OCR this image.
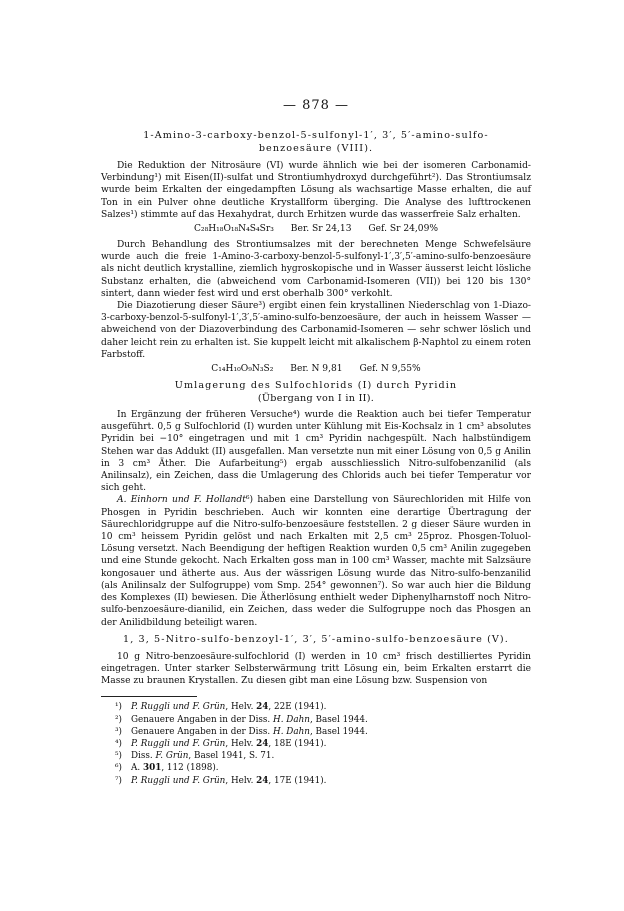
— 878 —
1-Amino-3-carboxy-benzol-5-sulfonyl-1′, 3′, 5′-amino-sulfo-
benzoesäure (VIII).

Die Reduktion der Nitrosäure (VI) wurde ähnlich wie bei der isomeren Carbonamid-Verbindung¹) mit Eisen(II)-sulfat und Strontiumhydroxyd durchgeführt²). Das Strontiumsalz wurde beim Erkalten der eingedampften Lösung als wachsartige Masse erhalten, die auf Ton in ein Pulver ohne deutliche Krystallform überging. Die Analyse des lufttrockenen Salzes¹) stimmte auf das Hexahydrat, durch Erhitzen wurde das wasserfreie Salz erhalten.

C₂₈H₁₈O₁₈N₄S₄Sr₃ Ber. Sr 24,13 Gef. Sr 24,09%

Durch Behandlung des Strontiumsalzes mit der berechneten Menge Schwefelsäure wurde auch die freie 1-Amino-3-carboxy-benzol-5-sulfonyl-1′,3′,5′-amino-sulfo-benzoesäure als nicht deutlich krystalline, ziemlich hygroskopische und in Wasser äusserst leicht lösliche Substanz erhalten, die (abweichend vom Carbonamid-Isomeren (VII)) bei 120 bis 130° sintert, dann wieder fest wird und erst oberhalb 300° verkohlt.

Die Diazotierung dieser Säure³) ergibt einen fein krystallinen Niederschlag von 1-Diazo-3-carboxy-benzol-5-sulfonyl-1′,3′,5′-amino-sulfo-benzoesäure, der auch in heissem Wasser — abweichend von der Diazoverbindung des Carbonamid-Isomeren — sehr schwer löslich und daher leicht rein zu erhalten ist. Sie kuppelt leicht mit alkalischem β-Naphtol zu einem roten Farbstoff.

C₁₄H₁₀O₉N₃S₂ Ber. N 9,81 Gef. N 9,55%
Umlagerung des Sulfochlorids (I) durch Pyridin
(Übergang von I in II).

In Ergänzung der früheren Versuche⁴) wurde die Reaktion auch bei tiefer Temperatur ausgeführt. 0,5 g Sulfochlorid (I) wurden unter Kühlung mit Eis-Kochsalz in 1 cm³ absolutes Pyridin bei −10° eingetragen und mit 1 cm³ Pyridin nachgespült. Nach halbstündigem Stehen war das Addukt (II) ausgefallen. Man versetzte nun mit einer Lösung von 0,5 g Anilin in 3 cm³ Äther. Die Aufarbeitung⁵) ergab ausschliesslich Nitro-sulfobenzanilid (als Anilinsalz), ein Zeichen, dass die Umlagerung des Chlorids auch bei tiefer Temperatur vor sich geht.

A. Einhorn und F. Hollandt⁶) haben eine Darstellung von Säurechloriden mit Hilfe von Phosgen in Pyridin beschrieben. Auch wir konnten eine derartige Übertragung der Säurechloridgruppe auf die Nitro-sulfo-benzoesäure feststellen. 2 g dieser Säure wurden in 10 cm³ heissem Pyridin gelöst und nach Erkalten mit 2,5 cm³ 25proz. Phosgen-Toluol-Lösung versetzt. Nach Beendigung der heftigen Reaktion wurden 0,5 cm³ Anilin zugegeben und eine Stunde gekocht. Nach Erkalten goss man in 100 cm³ Wasser, machte mit Salzsäure kongosauer und ätherte aus. Aus der wässrigen Lösung wurde das Nitro-sulfo-benzanilid (als Anilinsalz der Sulfogruppe) vom Smp. 254° gewonnen⁷). So war auch hier die Bildung des Komplexes (II) bewiesen. Die Ätherlösung enthielt weder Diphenylharnstoff noch Nitro-sulfo-benzoesäure-dianilid, ein Zeichen, dass weder die Sulfogruppe noch das Phosgen an der Anilidbildung beteiligt waren.

1, 3, 5-Nitro-sulfo-benzoyl-1′, 3′, 5′-amino-sulfo-benzoesäure (V).

10 g Nitro-benzoesäure-sulfochlorid (I) werden in 10 cm³ frisch destilliertes Pyridin eingetragen. Unter starker Selbsterwärmung tritt Lösung ein, beim Erkalten erstarrt die Masse zu braunen Krystallen. Zu diesen gibt man eine Lösung bzw. Suspension von

¹) P. Ruggli und F. Grün, Helv. 24, 22E (1941).
²) Genauere Angaben in der Diss. H. Dahn, Basel 1944.
³) Genauere Angaben in der Diss. H. Dahn, Basel 1944.
⁴) P. Ruggli und F. Grün, Helv. 24, 18E (1941).
⁵) Diss. F. Grün, Basel 1941, S. 71.
⁶) A. 301, 112 (1898).
⁷) P. Ruggli und F. Grün, Helv. 24, 17E (1941).
